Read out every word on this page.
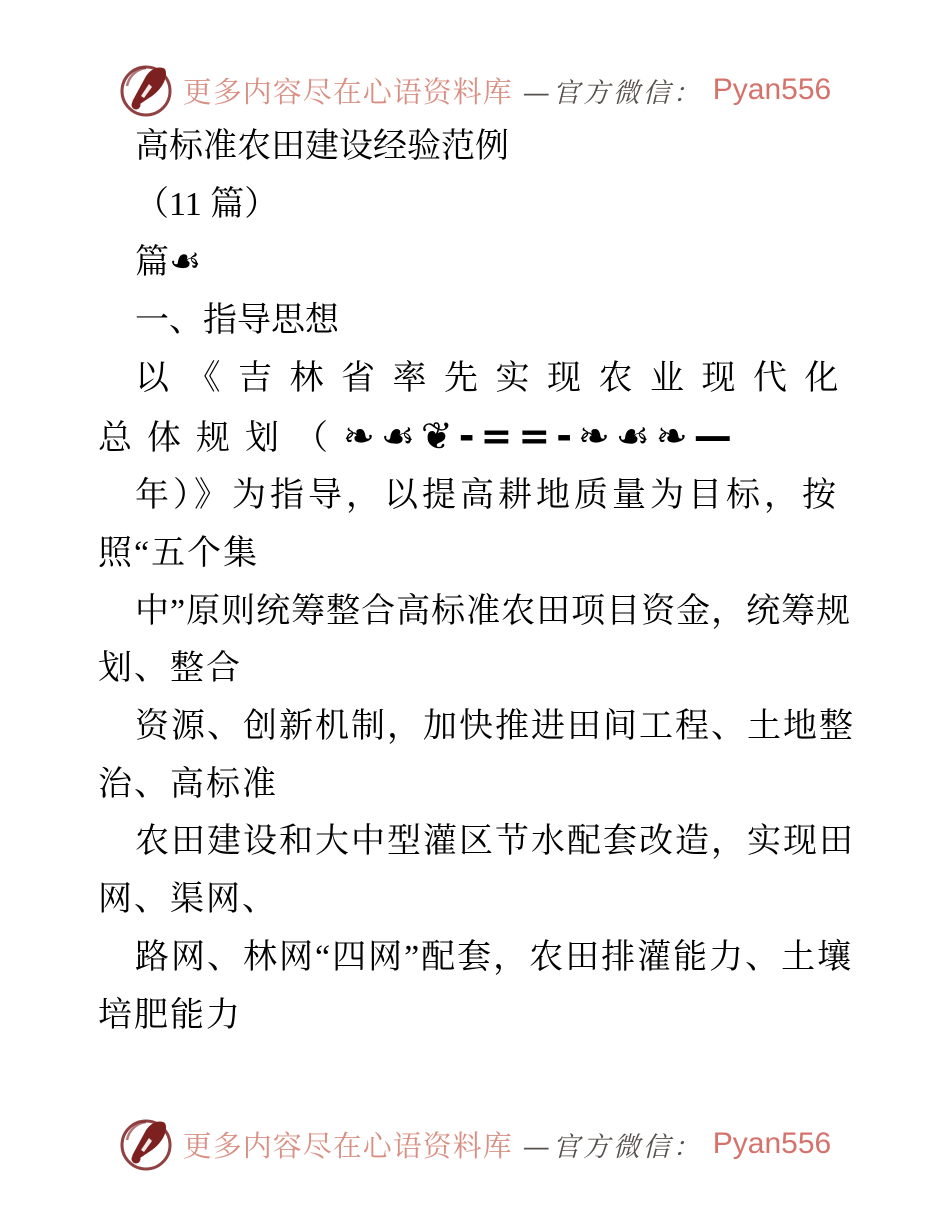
更多内容尽在心语资料库 —官方微信： Pyan556
高标准农田建设经验范例
（11 篇）
篇☙
一、指导思想
以《吉林省率先实现农业现代化
总体规划（❧☙❦-==-❧☙❧—
年）》为指导，以提高耕地质量为目标，按
照“五个集
中”原则统筹整合高标准农田项目资金，统筹规
划、整合
资源、创新机制，加快推进田间工程、土地整
治、高标准
农田建设和大中型灌区节水配套改造，实现田
网、渠网、
路网、林网“四网”配套，农田排灌能力、土壤
培肥能力
更多内容尽在心语资料库 —官方微信： Pyan556
